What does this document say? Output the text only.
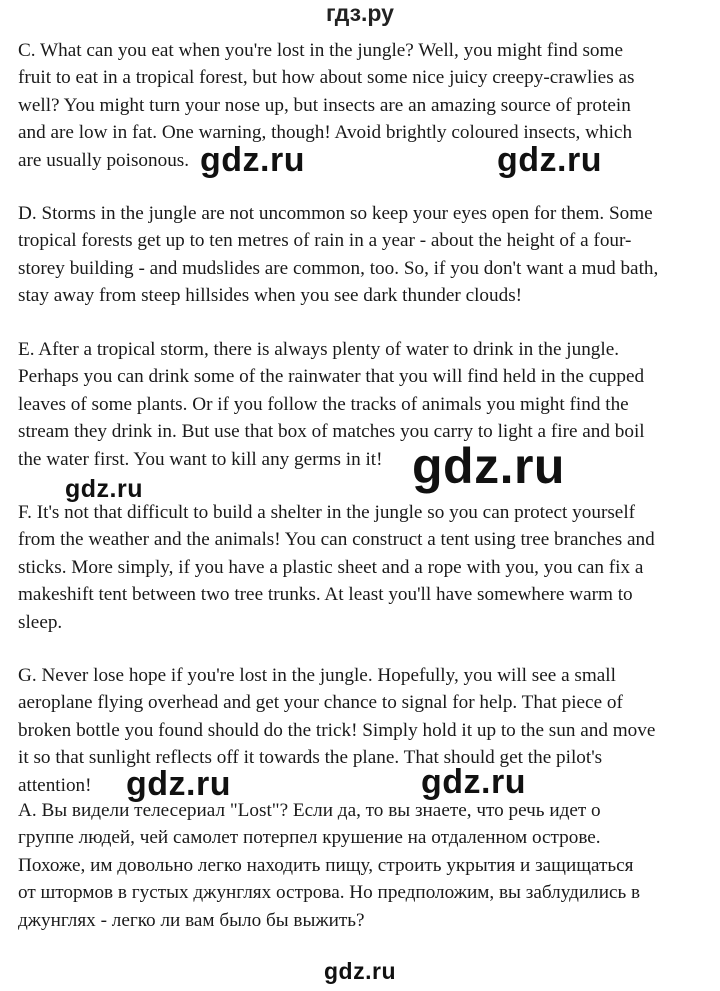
гдз.ру

C. What can you eat when you're lost in the jungle? Well, you might find some
fruit to eat in a tropical forest, but how about some nice juicy creepy-crawlies as
well? You might turn your nose up, but insects are an amazing source of protein
and are low in fat. One warning, though! Avoid brightly coloured insects, which
are usually poisonous.

D. Storms in the jungle are not uncommon so keep your eyes open for them. Some
tropical forests get up to ten metres of rain in a year - about the height of a four-
storey building - and mudslides are common, too. So, if you don't want a mud bath,
stay away from steep hillsides when you see dark thunder clouds!

E. After a tropical storm, there is always plenty of water to drink in the jungle.
Perhaps you can drink some of the rainwater that you will find held in the cupped
leaves of some plants. Or if you follow the tracks of animals you might find the
stream they drink in. But use that box of matches you carry to light a fire and boil
the water first. You want to kill any germs in it!

F. It's not that difficult to build a shelter in the jungle so you can protect yourself
from the weather and the animals! You can construct a tent using tree branches and
sticks. More simply, if you have a plastic sheet and a rope with you, you can fix a
makeshift tent between two tree trunks. At least you'll have somewhere warm to
sleep.

G. Never lose hope if you're lost in the jungle. Hopefully, you will see a small
aeroplane flying overhead and get your chance to signal for help. That piece of
broken bottle you found should do the trick! Simply hold it up to the sun and move
it so that sunlight reflects off it towards the plane. That should get the pilot's
attention!

А. Вы видели телесериал "Lost"? Если да, то вы знаете, что речь идет о
группе людей, чей самолет потерпел крушение на отдаленном острове.
Похоже, им довольно легко находить пищу, строить укрытия и защищаться
от штормов в густых джунглях острова. Но предположим, вы заблудились в
джунглях - легко ли вам было бы выжить?

gdz.ru	gdz.ru
gdz.ru
gdz.ru
gdz.ru	gdz.ru
gdz.ru
